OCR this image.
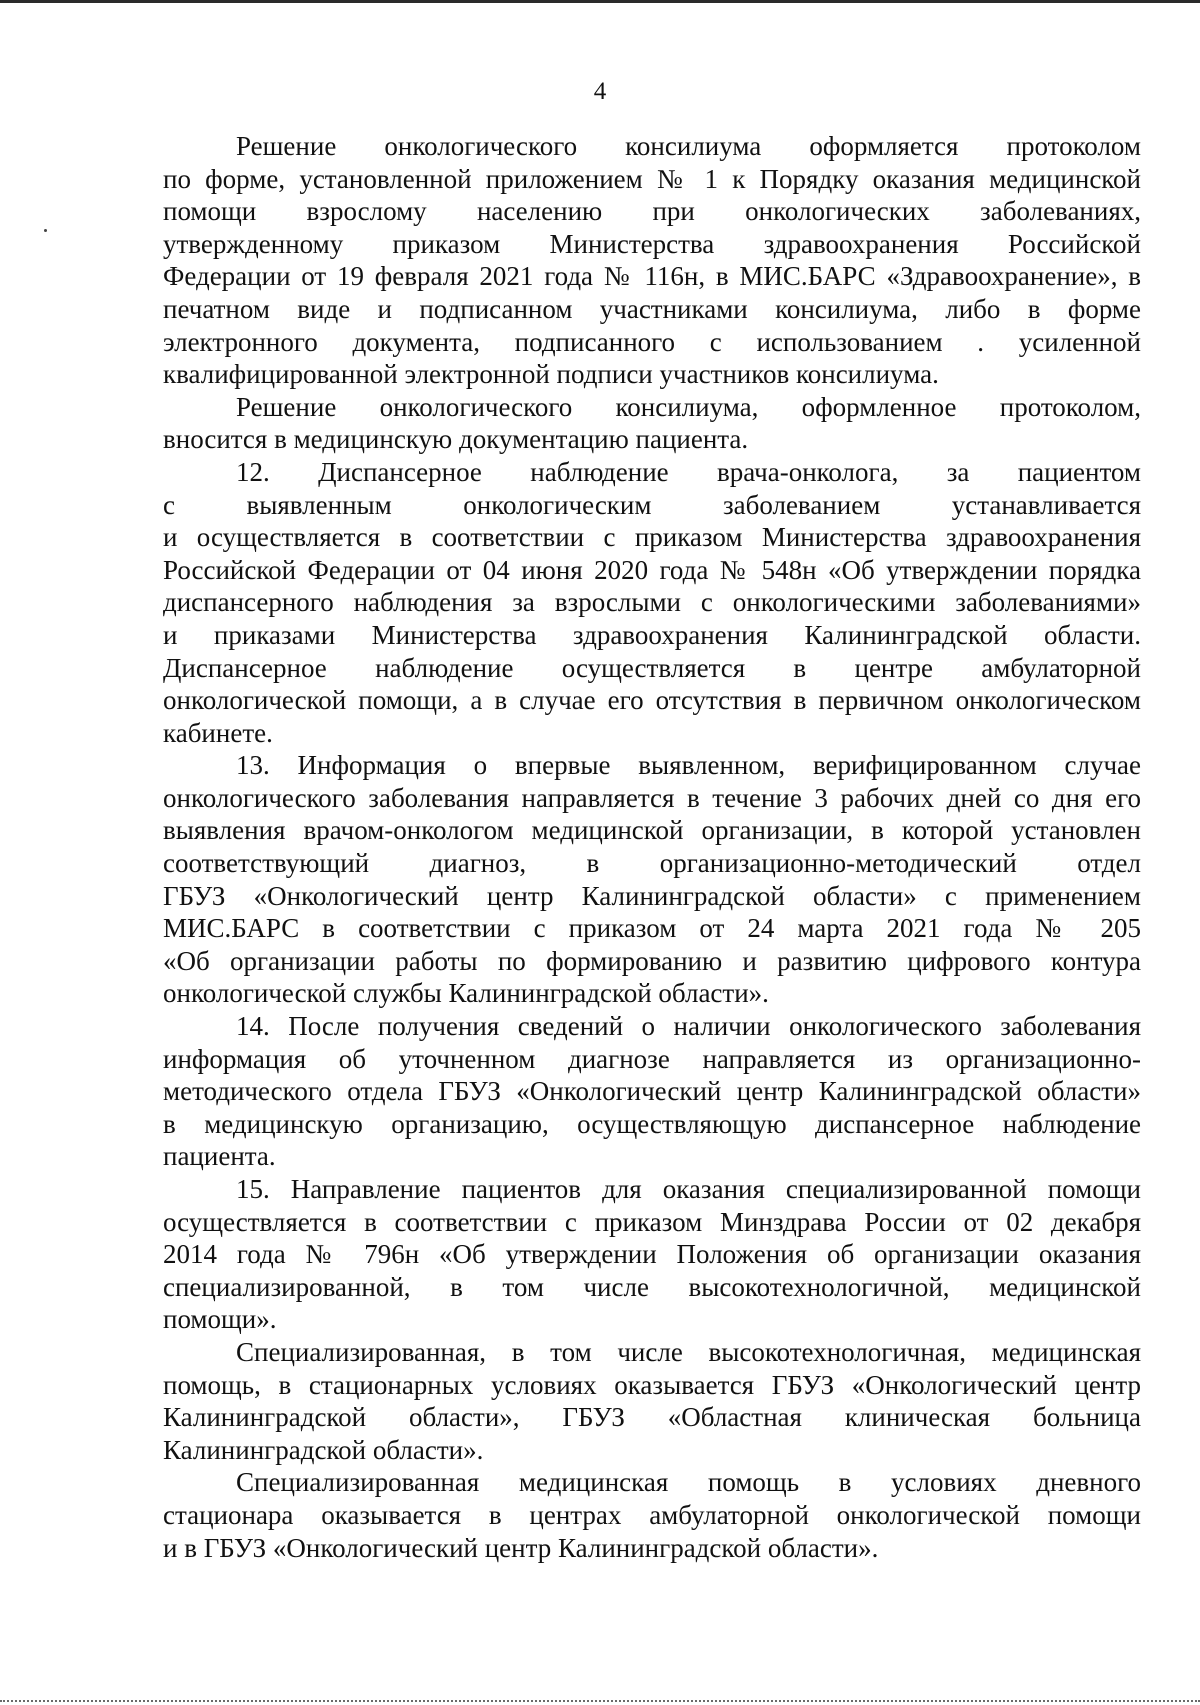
4
Решение онкологического консилиума оформляется протоколом
по форме, установленной приложением № 1 к Порядку оказания медицинской
помощи взрослому населению при онкологических заболеваниях,
утвержденному приказом Министерства здравоохранения Российской
Федерации от 19 февраля 2021 года № 116н, в МИС.БАРС «Здравоохранение», в
печатном виде и подписанном участниками консилиума, либо в форме
электронного документа, подписанного с использованием . усиленной
квалифицированной электронной подписи участников консилиума.
Решение онкологического консилиума, оформленное протоколом,
вносится в медицинскую документацию пациента.
12. Диспансерное наблюдение врача-онколога, за пациентом
с выявленным онкологическим заболеванием устанавливается
и осуществляется в соответствии с приказом Министерства здравоохранения
Российской Федерации от 04 июня 2020 года № 548н «Об утверждении порядка
диспансерного наблюдения за взрослыми с онкологическими заболеваниями»
и приказами Министерства здравоохранения Калининградской области.
Диспансерное наблюдение осуществляется в центре амбулаторной
онкологической помощи, а в случае его отсутствия в первичном онкологическом
кабинете.
13. Информация о впервые выявленном, верифицированном случае
онкологического заболевания направляется в течение 3 рабочих дней со дня его
выявления врачом-онкологом медицинской организации, в которой установлен
соответствующий диагноз, в организационно-методический отдел
ГБУЗ «Онкологический центр Калининградской области» с применением
МИС.БАРС в соответствии с приказом от 24 марта 2021 года № 205
«Об организации работы по формированию и развитию цифрового контура
онкологической службы Калининградской области».
14. После получения сведений о наличии онкологического заболевания
информация об уточненном диагнозе направляется из организационно-
методического отдела ГБУЗ «Онкологический центр Калининградской области»
в медицинскую организацию, осуществляющую диспансерное наблюдение
пациента.
15. Направление пациентов для оказания специализированной помощи
осуществляется в соответствии с приказом Минздрава России от 02 декабря
2014 года № 796н «Об утверждении Положения об организации оказания
специализированной, в том числе высокотехнологичной, медицинской
помощи».
Специализированная, в том числе высокотехнологичная, медицинская
помощь, в стационарных условиях оказывается ГБУЗ «Онкологический центр
Калининградской области», ГБУЗ «Областная клиническая больница
Калининградской области».
Специализированная медицинская помощь в условиях дневного
стационара оказывается в центрах амбулаторной онкологической помощи
и в ГБУЗ «Онкологический центр Калининградской области».
